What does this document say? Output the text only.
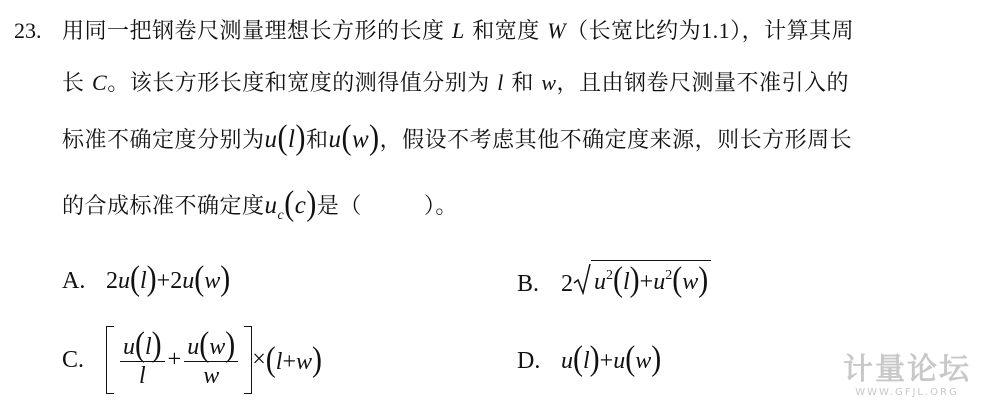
23. 用同一把钢卷尺测量理想长方形的长度 L 和宽度 W（长宽比约为1.1），计算其周
长 C。该长方形长度和宽度的测得值分别为 l 和 w，且由钢卷尺测量不准引入的
标准不确定度分别为u(l)和u(w)，假设不考虑其他不确定度来源，则长方形周长
的合成标准不确定度$u_c(c)$是（	）。
A. 2u(l)+2u(w)	B. 2 $u^2(l)+u^2(w)$
C. $\frac{u(l)}{l} + \frac{u(w)}{w} \times(l+w)$	D. u(l)+u(w)	计量论坛
WWW.GFJL.ORG
